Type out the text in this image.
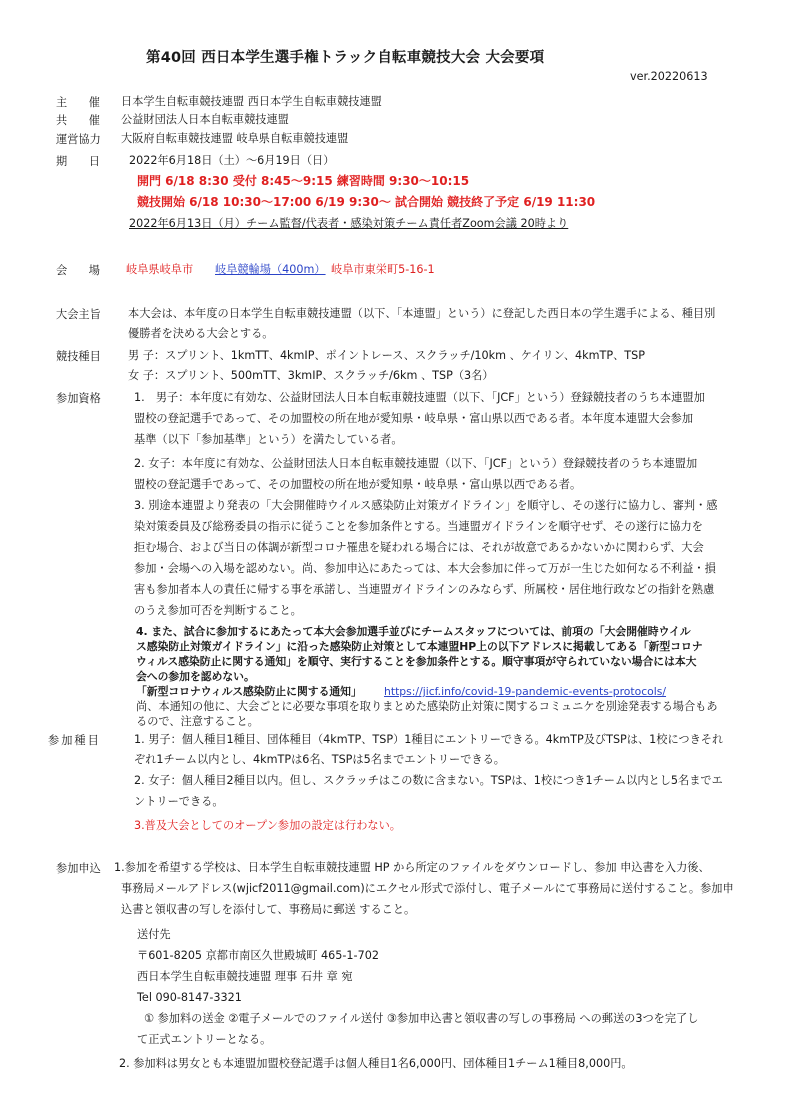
第40回 西日本学生選手権トラック自転車競技大会 大会要項
ver.20220613
主 催 日本学生自転車競技連盟 西日本学生自転車競技連盟
共 催 公益財団法人日本自転車競技連盟
運営協力 大阪府自転車競技連盟 岐阜県自転車競技連盟
期 日	2022年6月18日（土）～6月19日（日）
開門 6/18 8:30 受付 8:45～9:15 練習時間 9:30～10:15
競技開始 6/18 10:30～17:00 6/19 9:30～ 試合開始 競技終了予定 6/19 11:30
2022年6月13日（月）チーム監督/代表者・感染対策チーム責任者Zoom会議 20時より
会 場 岐阜県岐阜市 岐阜競輪場（400m） 岐阜市東栄町5-16-1
大会主旨 本大会は、本年度の日本学生自転車競技連盟（以下、「本連盟」という）に登記した西日本の学生選手による、種目別
優勝者を決める大会とする。
競技種目 男 子：スプリント、1kmTT、4kmIP、ポイントレース、スクラッチ/10km 、ケイリン、4kmTP、TSP
女 子：スプリント、500mTT、3kmIP、スクラッチ/6km 、TSP（3名）
参加資格	1.　男子：本年度に有効な、公益財団法人日本自転車競技連盟（以下、「JCF」という）登録競技者のうち本連盟加
盟校の登記選手であって、その加盟校の所在地が愛知県・岐阜県・富山県以西である者。本年度本連盟大会参加
基準（以下「参加基準」という）を満たしている者。
2. 女子：本年度に有効な、公益財団法人日本自転車競技連盟（以下、「JCF」という）登録競技者のうち本連盟加
盟校の登記選手であって、その加盟校の所在地が愛知県・岐阜県・富山県以西である者。
3. 別途本連盟より発表の「大会開催時ウイルス感染防止対策ガイドライン」を順守し、その遂行に協力し、審判・感
染対策委員及び総務委員の指示に従うことを参加条件とする。当連盟ガイドラインを順守せず、その遂行に協力を
拒む場合、および当日の体調が新型コロナ罹患を疑われる場合には、それが故意であるかないかに関わらず、大会
参加・会場への入場を認めない。尚、参加申込にあたっては、本大会参加に伴って万が一生じた如何なる不利益・損
害も参加者本人の責任に帰する事を承諾し、当連盟ガイドラインのみならず、所属校・居住地行政などの指針を熟慮
のうえ参加可否を判断すること。
4. また、試合に参加するにあたって本大会参加選手並びにチームスタッフについては、前項の「大会開催時ウイル
ス感染防止対策ガイドライン」に沿った感染防止対策として本連盟HP上の以下アドレスに掲載してある「新型コロナ
ウィルス感染防止に関する通知」を順守、実行することを参加条件とする。順守事項が守られていない場合には本大
会への参加を認めない。
「新型コロナウィルス感染防止に関する通知」 https://jicf.info/covid-19-pandemic-events-protocols/
尚、本通知の他に、大会ごとに必要な事項を取りまとめた感染防止対策に関するコミュニケを別途発表する場合もあ
るので、注意すること。
参加種目	1. 男子：個人種目1種目、団体種目（4kmTP、TSP）1種目にエントリーできる。4kmTP及びTSPは、1校につきそれ
ぞれ1チーム以内とし、4kmTPは6名、TSPは5名までエントリーできる。
2. 女子：個人種目2種目以内。但し、スクラッチはこの数に含まない。TSPは、1校につき1チーム以内とし5名までエ
ントリーできる。
3.普及大会としてのオープン参加の設定は行わない。
参加申込 1.参加を希望する学校は、日本学生自転車競技連盟 HP から所定のファイルをダウンロードし、参加 申込書を入力後、
事務局メールアドレス(wjicf2011@gmail.com)にエクセル形式で添付し、電子メールにて事務局に送付すること。参加申
込書と領収書の写しを添付して、事務局に郵送 すること。
送付先
〒601-8205 京都市南区久世殿城町 465-1-702
西日本学生自転車競技連盟 理事 石井 章 宛
Tel 090-8147-3321
① 参加料の送金 ②電子メールでのファイル送付 ③参加申込書と領収書の写しの事務局 への郵送の3つを完了し
て正式エントリーとなる。
2. 参加料は男女とも本連盟加盟校登記選手は個人種目1名6,000円、団体種目1チーム1種目8,000円。
